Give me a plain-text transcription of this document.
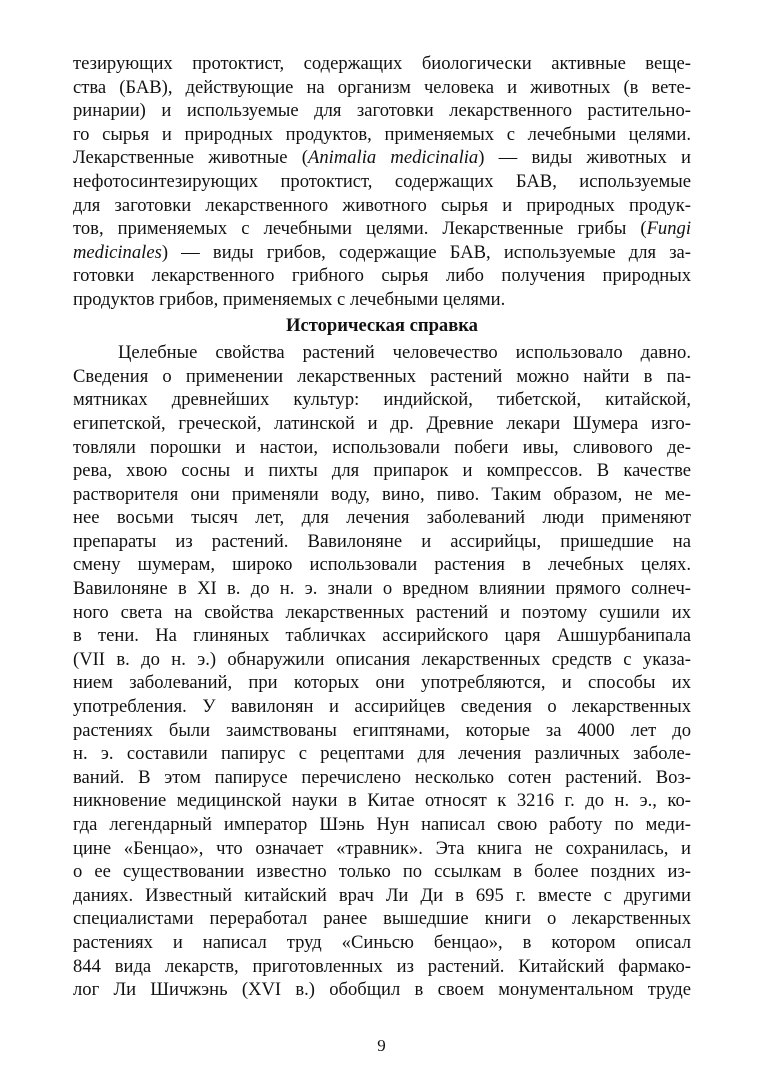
тезирующих протоктист, содержащих биологически активные веще-
ства (БАВ), действующие на организм человека и животных (в вете-
ринарии) и используемые для заготовки лекарственного растительно-
го сырья и природных продуктов, применяемых с лечебными целями.
Лекарственные животные (Animalia medicinalia) — виды животных и
нефотосинтезирующих протоктист, содержащих БАВ, используемые
для заготовки лекарственного животного сырья и природных продук-
тов, применяемых с лечебными целями. Лекарственные грибы (Fungi
medicinales) — виды грибов, содержащие БАВ, используемые для за-
готовки лекарственного грибного сырья либо получения природных
продуктов грибов, применяемых с лечебными целями.
Историческая справка
Целебные свойства растений человечество использовало давно.
Сведения о применении лекарственных растений можно найти в па-
мятниках древнейших культур: индийской, тибетской, китайской,
египетской, греческой, латинской и др. Древние лекари Шумера изго-
товляли порошки и настои, использовали побеги ивы, сливового де-
рева, хвою сосны и пихты для припарок и компрессов. В качестве
растворителя они применяли воду, вино, пиво. Таким образом, не ме-
нее восьми тысяч лет, для лечения заболеваний люди применяют
препараты из растений. Вавилоняне и ассирийцы, пришедшие на
смену шумерам, широко использовали растения в лечебных целях.
Вавилоняне в XI в. до н. э. знали о вредном влиянии прямого солнеч-
ного света на свойства лекарственных растений и поэтому сушили их
в тени. На глиняных табличках ассирийского царя Ашшурбанипала
(VII в. до н. э.) обнаружили описания лекарственных средств с указа-
нием заболеваний, при которых они употребляются, и способы их
употребления. У вавилонян и ассирийцев сведения о лекарственных
растениях были заимствованы египтянами, которые за 4000 лет до
н. э. составили папирус с рецептами для лечения различных заболе-
ваний. В этом папирусе перечислено несколько сотен растений. Воз-
никновение медицинской науки в Китае относят к 3216 г. до н. э., ко-
гда легендарный император Шэнь Нун написал свою работу по меди-
цине «Бенцао», что означает «травник». Эта книга не сохранилась, и
о ее существовании известно только по ссылкам в более поздних из-
даниях. Известный китайский врач Ли Ди в 695 г. вместе с другими
специалистами переработал ранее вышедшие книги о лекарственных
растениях и написал труд «Синьсю бенцао», в котором описал
844 вида лекарств, приготовленных из растений. Китайский фармако-
лог Ли Шичжэнь (XVI в.) обобщил в своем монументальном труде
9
